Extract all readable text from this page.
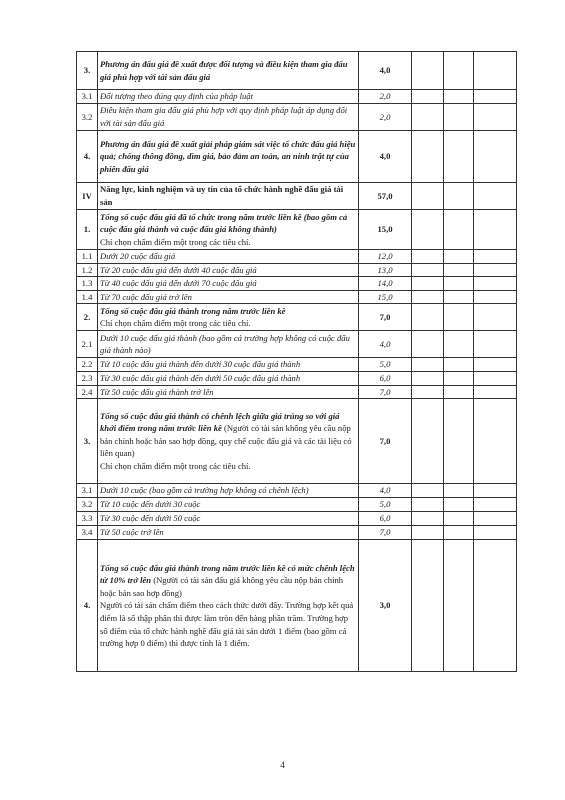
3.	Phương án đấu giá đề xuất được đối tượng và điều kiện tham gia đấu giá phù hợp với tài sản đấu giá	4,0			
3.1	Đối tượng theo đúng quy định của pháp luật	2,0			
3.2	Điều kiện tham gia đấu giá phù hợp với quy định pháp luật áp dụng đối với tài sản đấu giá	2,0			
4.	Phương án đấu giá đề xuất giải pháp giám sát việc tổ chức đấu giá hiệu quả; chống thông đồng, dìm giá, bảo đảm an toàn, an ninh trật tự của phiên đấu giá	4,0			
IV	Năng lực, kinh nghiệm và uy tín của tổ chức hành nghề đấu giá tài sản	57,0			
1.	Tổng số cuộc đấu giá đã tổ chức trong năm trước liền kề (bao gồm cả cuộc đấu giá thành và cuộc đấu giá không thành)
Chỉ chọn chấm điểm một trong các tiêu chí.	15,0			
1.1	Dưới 20 cuộc đấu giá	12,0			
1.2	Từ 20 cuộc đấu giá đến dưới 40 cuộc đấu giá	13,0			
1.3	Từ 40 cuộc đấu giá đến dưới 70 cuộc đấu giá	14,0			
1.4	Từ 70 cuộc đấu giá trở lên	15,0			
2.	Tổng số cuộc đấu giá thành trong năm trước liền kề
Chỉ chọn chấm điểm một trong các tiêu chí.	7,0			
2.1	Dưới 10 cuộc đấu giá thành (bao gồm cả trường hợp không có cuộc đấu giá thành nào)	4,0			
2.2	Từ 10 cuộc đấu giá thành đến dưới 30 cuộc đấu giá thành	5,0			
2.3	Từ 30 cuộc đấu giá thành đến dưới 50 cuộc đấu giá thành	6,0			
2.4	Từ 50 cuộc đấu giá thành trở lên	7,0			
3.	Tổng số cuộc đấu giá thành có chênh lệch giữa giá trúng so với giá khởi điểm trong năm trước liền kề (Người có tài sản không yêu cầu nộp bản chính hoặc bản sao hợp đồng, quy chế cuộc đấu giá và các tài liệu có liên quan)
Chỉ chọn chấm điểm một trong các tiêu chí.	7,0			
3.1	Dưới 10 cuộc (bao gồm cả trường hợp không có chênh lệch)	4,0			
3.2	Từ 10 cuộc đến dưới 30 cuộc	5,0			
3.3	Từ 30 cuộc đến dưới 50 cuộc	6,0			
3.4	Từ 50 cuộc trở lên	7,0			
4.	Tổng số cuộc đấu giá thành trong năm trước liền kề có mức chênh lệch từ 10% trở lên (Người có tài sản đấu giá không yêu cầu nộp bản chính hoặc bản sao hợp đồng)
Người có tài sản chấm điểm theo cách thức dưới đây. Trường hợp kết quả điểm là số thập phân thì được làm tròn đến hàng phần trăm. Trường hợp số điểm của tổ chức hành nghề đấu giá tài sản dưới 1 điểm (bao gồm cả trường hợp 0 điểm) thì được tính là 1 điểm.	3,0			
4
